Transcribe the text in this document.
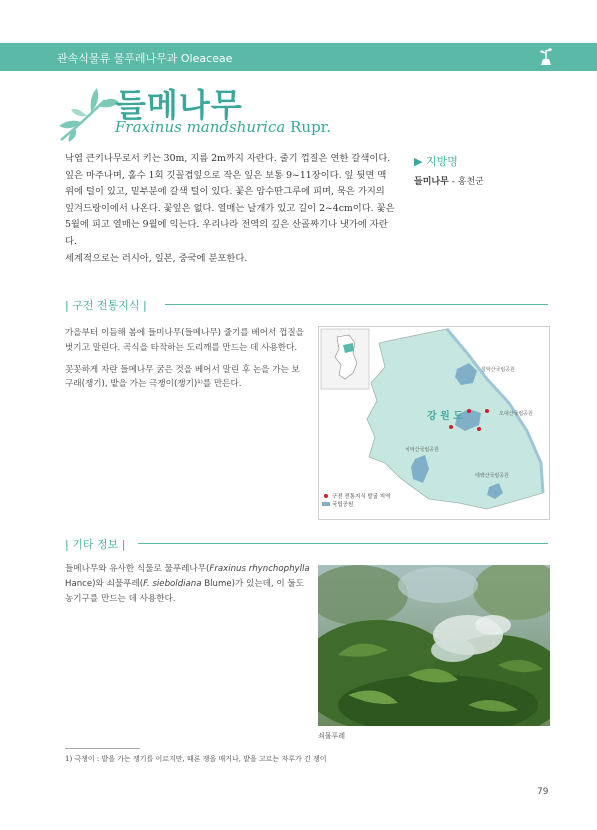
관속식물류 물푸레나무과 Oleaceae
들메나무
Fraxinus mandshurica Rupr.

낙엽 큰키나무로서 키는 30m, 지름 2m까지 자란다. 줄기 껍질은 연한 갈색이다.

잎은 마주나며, 홀수 1회 깃꼴겹잎으로 작은 잎은 보통 9~11장이다. 잎 뒷면 맥

위에 털이 있고, 밑부분에 갈색 털이 있다. 꽃은 암수딴그루에 피며, 묵은 가지의

잎겨드랑이에서 나온다. 꽃잎은 없다. 열매는 날개가 있고 길이 2~4cm이다. 꽃은

5월에 피고 열매는 9월에 익는다. 우리나라 전역의 깊은 산골짜기나 냇가에 자란다.

세계적으로는 러시아, 일본, 중국에 분포한다.

▶ 지방명
들미나무 - 홍천군
| 구전 전통지식 |

가을부터 이듬해 봄에 들미나무(들메나무) 줄기를 베어서 껍질을 벗기고 말린다. 곡식을 타작하는 도리깨를 만드는 데 사용한다.

꼿꼿하게 자란 들메나무 굵은 것을 베어서 말린 후 논을 가는 보구래(쟁기), 밭을 가는 극쟁이(쟁기)¹⁾를 만든다.

설악산국립공원
오대산국립공원
치악산국립공원
태백산국립공원
강 원 도
구전 전통지식 발굴 지역
국립공원
| 기타 정보 |
들메나무와 유사한 식물로 물푸레나무(Fraxinus rhynchophylla Hance)와 쇠물푸레(F. sieboldiana Blume)가 있는데, 이 둘도 농기구를 만드는 데 사용한다.
쇠물푸레
1) 극쟁이 : 밭을 가는 쟁기를 이르지만, 때론 쟁을 매거나, 밭을 고르는 자루가 긴 쟁이
79
